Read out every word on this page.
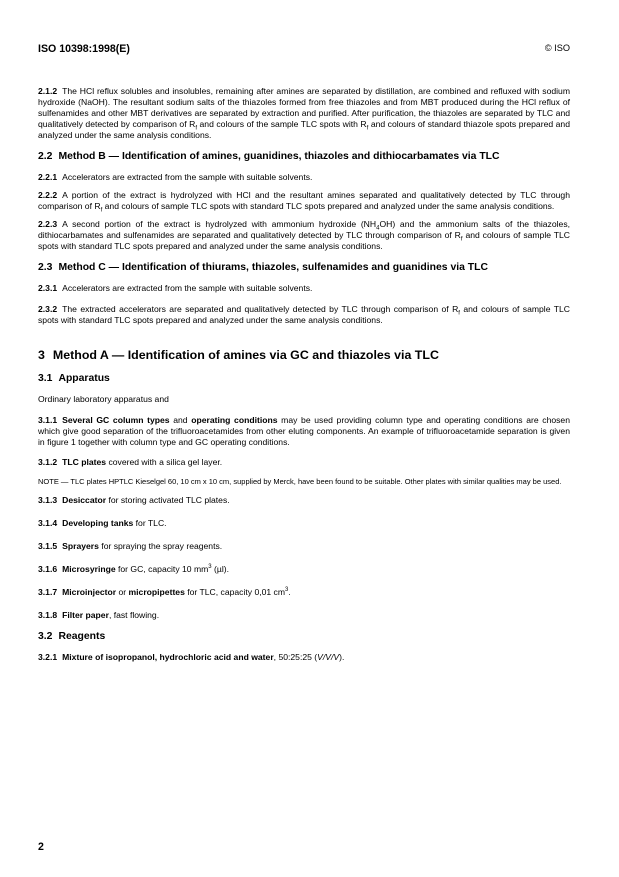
ISO 10398:1998(E)	© ISO

2.1.2 The HCl reflux solubles and insolubles, remaining after amines are separated by distillation, are combined and refluxed with sodium hydroxide (NaOH). The resultant sodium salts of the thiazoles formed from free thiazoles and from MBT produced during the HCl reflux of sulfenamides and other MBT derivatives are separated by extraction and purified. After purification, the thiazoles are separated by TLC and qualitatively detected by comparison of $R_f$ and colours of the sample TLC spots with $R_f$ and colours of standard thiazole spots prepared and analyzed under the same analysis conditions.

2.2 Method B — Identification of amines, guanidines, thiazoles and dithiocarbamates via TLC

2.2.1 Accelerators are extracted from the sample with suitable solvents.

2.2.2 A portion of the extract is hydrolyzed with HCl and the resultant amines separated and qualitatively detected by TLC through comparison of $R_f$ and colours of sample TLC spots with standard TLC spots prepared and analyzed under the same analysis conditions.

2.2.3 A second portion of the extract is hydrolyzed with ammonium hydroxide $(NH_4OH)$ and the ammonium salts of the thiazoles, dithiocarbamates and sulfenamides are separated and qualitatively detected by TLC through comparison of $R_f$ and colours of sample TLC spots with standard TLC spots prepared and analyzed under the same analysis conditions.

2.3 Method C — Identification of thiurams, thiazoles, sulfenamides and guanidines via TLC

2.3.1 Accelerators are extracted from the sample with suitable solvents.

2.3.2 The extracted accelerators are separated and qualitatively detected by TLC through comparison of $R_f$ and colours of sample TLC spots with standard TLC spots prepared and analyzed under the same analysis conditions.

3 Method A — Identification of amines via GC and thiazoles via TLC
3.1 Apparatus

Ordinary laboratory apparatus and

3.1.1 Several GC column types and operating conditions may be used providing column type and operating conditions are chosen which give good separation of the trifluoroacetamides from other eluting components. An example of trifluoroacetamide separation is given in figure 1 together with column type and GC operating conditions.

3.1.2 TLC plates covered with a silica gel layer.

NOTE — TLC plates HPTLC Kieselgel 60, 10 cm x 10 cm, supplied by Merck, have been found to be suitable. Other plates with similar qualities may be used.

3.1.3 Desiccator for storing activated TLC plates.

3.1.4 Developing tanks for TLC.

3.1.5 Sprayers for spraying the spray reagents.

3.1.6 Microsyringe for GC, capacity 10 $mm^3$ (µl).

3.1.7 Microinjector or micropipettes for TLC, capacity 0,01 $cm^3$.

3.1.8 Filter paper, fast flowing.

3.2 Reagents

3.2.1 Mixture of isopropanol, hydrochloric acid and water, 50:25:25 (V/V/V).

2
